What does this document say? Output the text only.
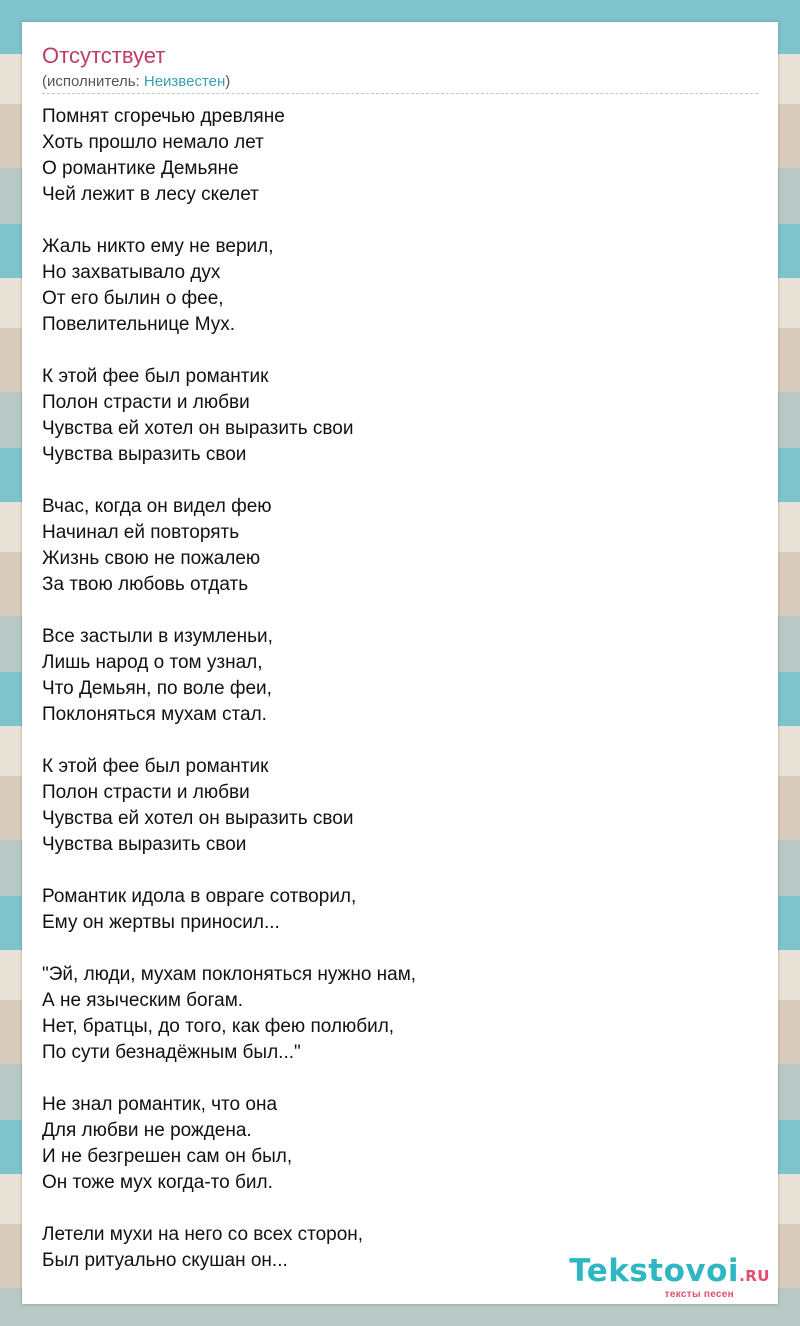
Отсутствует
(исполнитель: Неизвестен)
Помнят сгоречью древляне
Хоть прошло немало лет
О романтике Демьяне
Чей лежит в лесу скелет
Жаль никто ему не верил,
Но захватывало дух
От его былин о фее,
Повелительнице Мух.
К этой фее был романтик
Полон страсти и любви
Чувства ей хотел он выразить свои
Чувства выразить свои
Вчас, когда он видел фею
Начинал ей повторять
Жизнь свою не пожалею
За твою любовь отдать
Все застыли в изумленьи,
Лишь народ о том узнал,
Что Демьян, по воле феи,
Поклоняться мухам стал.
К этой фее был романтик
Полон страсти и любви
Чувства ей хотел он выразить свои
Чувства выразить свои
Романтик идола в овраге сотворил,
Ему он жертвы приносил...
"Эй, люди, мухам поклоняться нужно нам,
А не языческим богам.
Нет, братцы, до того, как фею полюбил,
По сути безнадёжным был..."
Не знал романтик, что она
Для любви не рождена.
И не безгрешен сам он был,
Он тоже мух когда-то бил.
Летели мухи на него со всех сторон,
Был ритуально скушан он...	Tekstovoi.RU
тексты песен
